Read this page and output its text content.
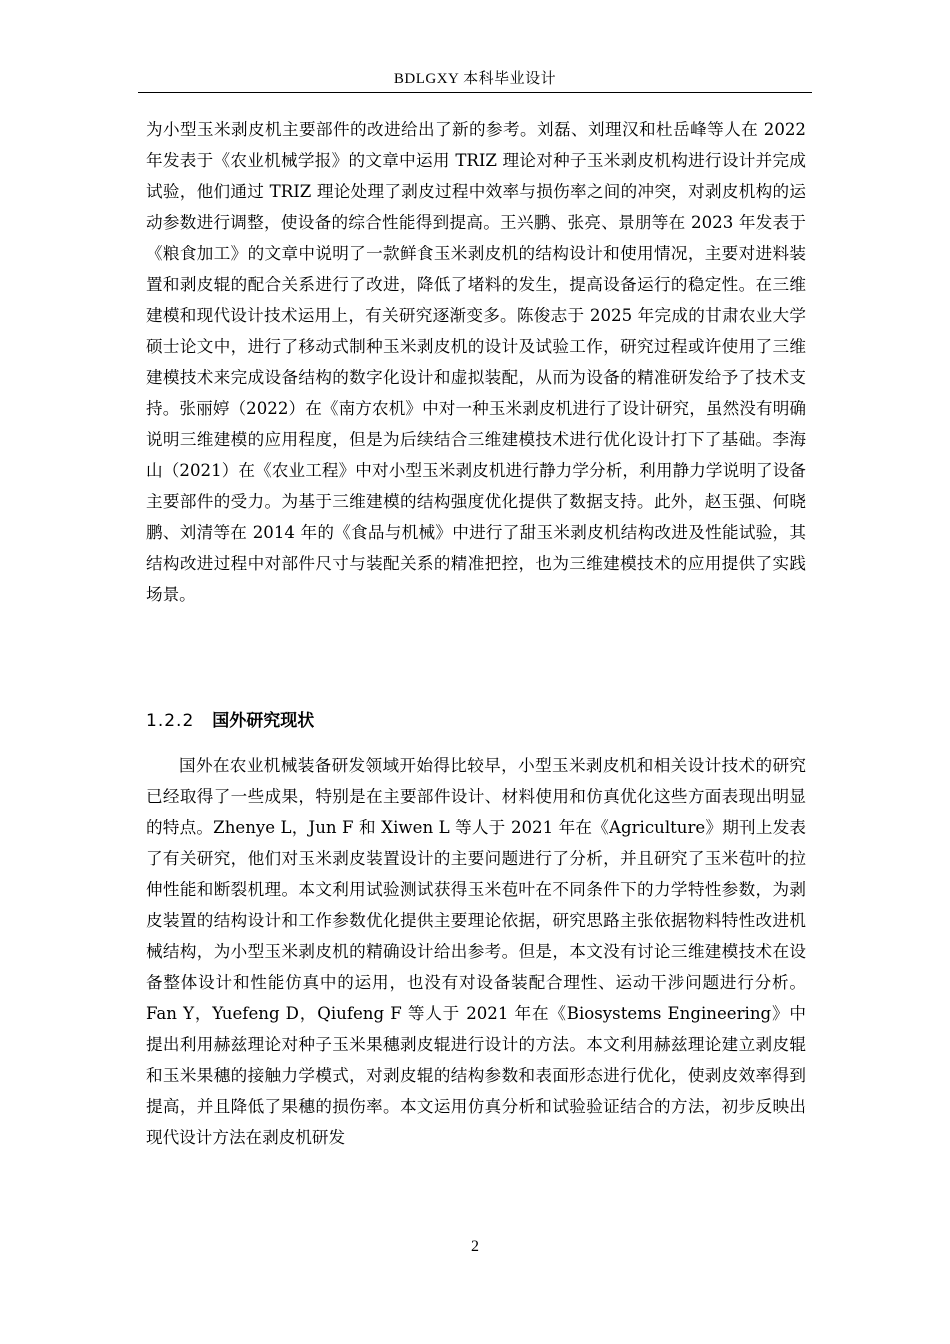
BDLGXY 本科毕业设计

为小型玉米剥皮机主要部件的改进给出了新的参考。刘磊、刘理汉和杜岳峰等人在 2022 年发表于《农业机械学报》的文章中运用 TRIZ 理论对种子玉米剥皮机构进行设计并完成试验，他们通过 TRIZ 理论处理了剥皮过程中效率与损伤率之间的冲突，对剥皮机构的运动参数进行调整，使设备的综合性能得到提高。王兴鹏、张亮、景朋等在 2023 年发表于《粮食加工》的文章中说明了一款鲜食玉米剥皮机的结构设计和使用情况，主要对进料装置和剥皮辊的配合关系进行了改进，降低了堵料的发生，提高设备运行的稳定性。在三维建模和现代设计技术运用上，有关研究逐渐变多。陈俊志于 2025 年完成的甘肃农业大学硕士论文中，进行了移动式制种玉米剥皮机的设计及试验工作，研究过程或许使用了三维建模技术来完成设备结构的数字化设计和虚拟装配，从而为设备的精准研发给予了技术支持。张丽婷（2022）在《南方农机》中对一种玉米剥皮机进行了设计研究，虽然没有明确说明三维建模的应用程度，但是为后续结合三维建模技术进行优化设计打下了基础。李海山（2021）在《农业工程》中对小型玉米剥皮机进行静力学分析，利用静力学说明了设备主要部件的受力。为基于三维建模的结构强度优化提供了数据支持。此外，赵玉强、何晓鹏、刘清等在 2014 年的《食品与机械》中进行了甜玉米剥皮机结构改进及性能试验，其结构改进过程中对部件尺寸与装配关系的精准把控，也为三维建模技术的应用提供了实践场景。

1.2.2 国外研究现状

国外在农业机械装备研发领域开始得比较早，小型玉米剥皮机和相关设计技术的研究已经取得了一些成果，特别是在主要部件设计、材料使用和仿真优化这些方面表现出明显的特点。Zhenye L，Jun F 和 Xiwen L 等人于 2021 年在《Agriculture》期刊上发表了有关研究，他们对玉米剥皮装置设计的主要问题进行了分析，并且研究了玉米苞叶的拉伸性能和断裂机理。本文利用试验测试获得玉米苞叶在不同条件下的力学特性参数，为剥皮装置的结构设计和工作参数优化提供主要理论依据，研究思路主张依据物料特性改进机械结构，为小型玉米剥皮机的精确设计给出参考。但是，本文没有讨论三维建模技术在设备整体设计和性能仿真中的运用，也没有对设备装配合理性、运动干涉问题进行分析。Fan Y，Yuefeng D，Qiufeng F 等人于 2021 年在《Biosystems Engineering》中提出利用赫兹理论对种子玉米果穗剥皮辊进行设计的方法。本文利用赫兹理论建立剥皮辊和玉米果穗的接触力学模式，对剥皮辊的结构参数和表面形态进行优化，使剥皮效率得到提高，并且降低了果穗的损伤率。本文运用仿真分析和试验验证结合的方法，初步反映出现代设计方法在剥皮机研发

2
